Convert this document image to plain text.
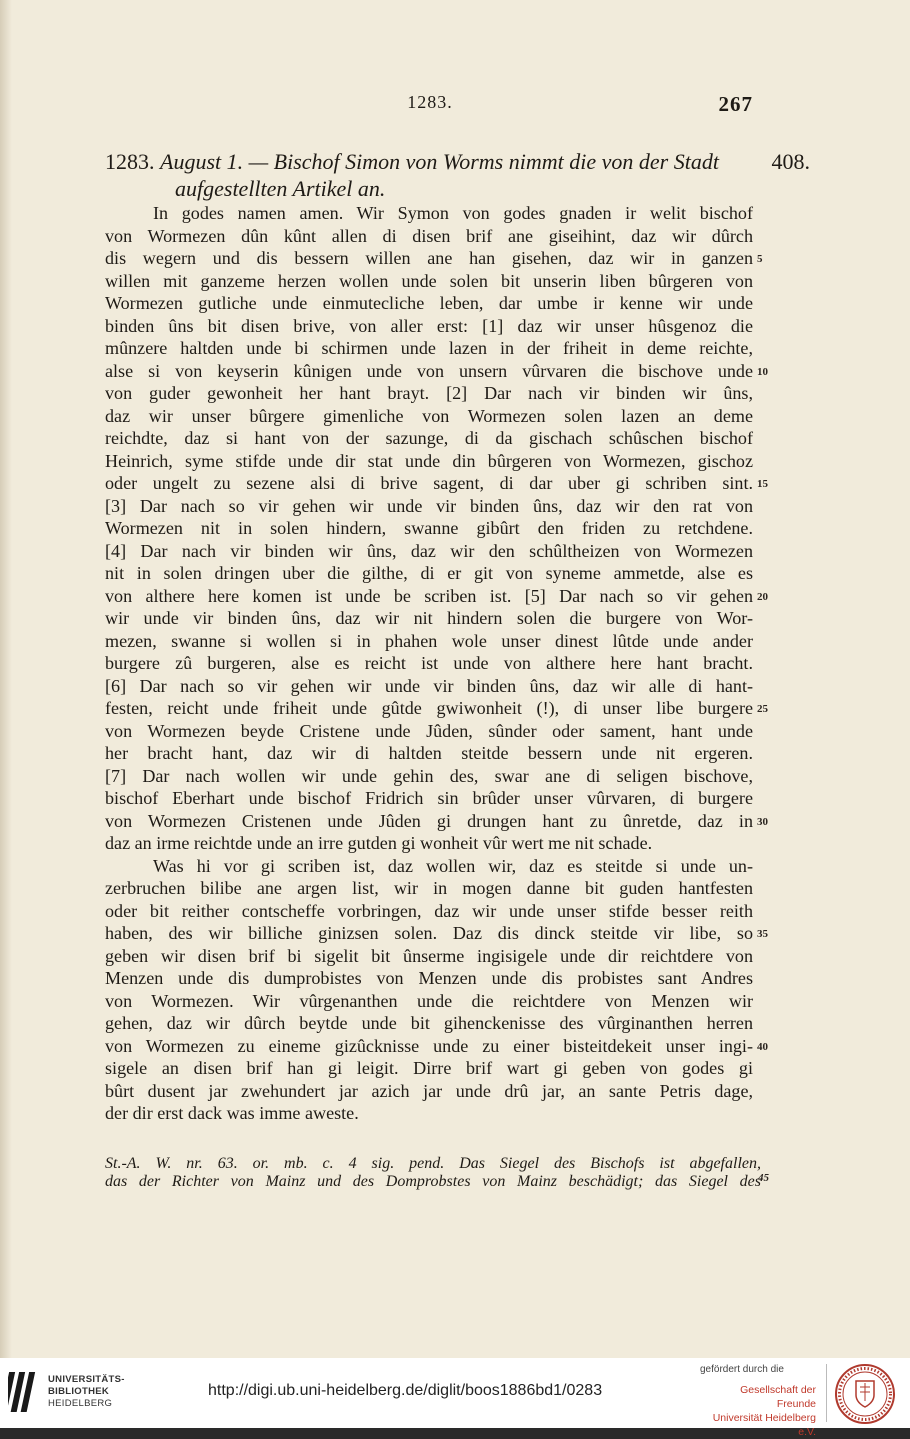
1283.	267
1283. August 1. — Bischof Simon von Worms nimmt die von der Stadt
aufgestellten Artikel an.
408.
In godes namen amen. Wir Symon von godes gnaden ir welit bischof
von Wormezen dûn kûnt allen di disen brif ane giseihint, daz wir dûrch
dis wegern und dis bessern willen ane han gisehen, daz wir in ganzen
willen mit ganzeme herzen wollen unde solen bit unserin liben bûrgeren von
Wormezen gutliche unde einmutecliche leben, dar umbe ir kenne wir unde
binden ûns bit disen brive, von aller erst: [1] daz wir unser hûsgenoz die
mûnzere haltden unde bi schirmen unde lazen in der friheit in deme reichte,
alse si von keyserin kûnigen unde von unsern vûrvaren die bischove unde
von guder gewonheit her hant brayt. [2] Dar nach vir binden wir ûns,
daz wir unser bûrgere gimenliche von Wormezen solen lazen an deme
reichdte, daz si hant von der sazunge, di da gischach schûschen bischof
Heinrich, syme stifde unde dir stat unde din bûrgeren von Wormezen, gischoz
oder ungelt zu sezene alsi di brive sagent, di dar uber gi schriben sint.
[3] Dar nach so vir gehen wir unde vir binden ûns, daz wir den rat von
Wormezen nit in solen hindern, swanne gibûrt den friden zu retchdene.
[4] Dar nach vir binden wir ûns, daz wir den schûltheizen von Wormezen
nit in solen dringen uber die gilthe, di er git von syneme ammetde, alse es
von althere here komen ist unde be scriben ist. [5] Dar nach so vir gehen
wir unde vir binden ûns, daz wir nit hindern solen die burgere von Wor-
mezen, swanne si wollen si in phahen wole unser dinest lûtde unde ander
burgere zû burgeren, alse es reicht ist unde von althere here hant bracht.
[6] Dar nach so vir gehen wir unde vir binden ûns, daz wir alle di hant-
festen, reicht unde friheit unde gûtde gwiwonheit (!), di unser libe burgere
von Wormezen beyde Cristene unde Jûden, sûnder oder sament, hant unde
her bracht hant, daz wir di haltden steitde bessern unde nit ergeren.
[7] Dar nach wollen wir unde gehin des, swar ane di seligen bischove,
bischof Eberhart unde bischof Fridrich sin brûder unser vûrvaren, di burgere
von Wormezen Cristenen unde Jûden gi drungen hant zu ûnretde, daz in
daz an irme reichtde unde an irre gutden gi wonheit vûr wert me nit schade.
Was hi vor gi scriben ist, daz wollen wir, daz es steitde si unde un-
zerbruchen bilibe ane argen list, wir in mogen danne bit guden hantfesten
oder bit reither contscheffe vorbringen, daz wir unde unser stifde besser reith
haben, des wir billiche ginizsen solen. Daz dis dinck steitde vir libe, so
geben wir disen brif bi sigelit bit ûnserme ingisigele unde dir reichtdere von
Menzen unde dis dumprobistes von Menzen unde dis probistes sant Andres
von Wormezen. Wir vûrgenanthen unde die reichtdere von Menzen wir
gehen, daz wir dûrch beytde unde bit gihenckenisse des vûrginanthen herren
von Wormezen zu eineme gizûcknisse unde zu einer bisteitdekeit unser ingi-
sigele an disen brif han gi leigit. Dirre brif wart gi geben von godes gi
bûrt dusent jar zwehundert jar azich jar unde drû jar, an sante Petris dage,
der dir erst dack was imme aweste.
5
10
15
20
25
30
35
40
St.-A. W. nr. 63. or. mb. c. 4 sig. pend. Das Siegel des Bischofs ist abgefallen,
das der Richter von Mainz und des Domprobstes von Mainz beschädigt; das Siegel des
45
UNIVERSITÄTS-
BIBLIOTHEK
HEIDELBERG
http://digi.ub.uni-heidelberg.de/diglit/boos1886bd1/0283
gefördert durch die
Gesellschaft der Freunde
Universität Heidelberg e.V.
